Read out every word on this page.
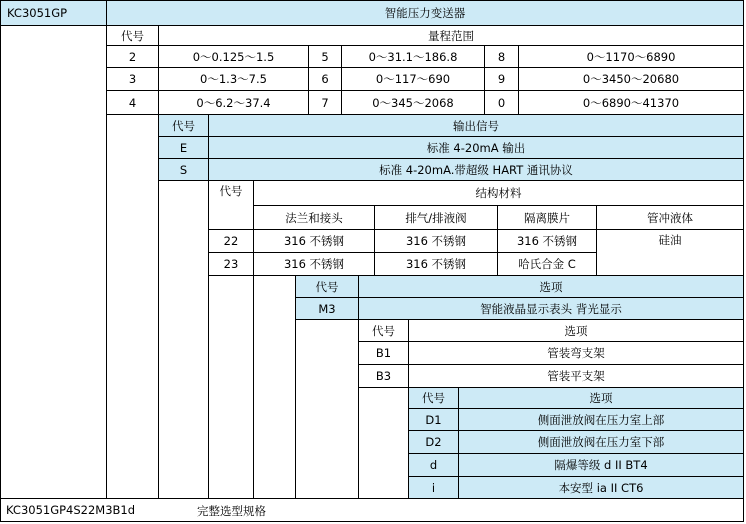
KC3051GP	智能压力变送器
代号	量程范围
2	0～0.125～1.5	5	0～31.1～186.8	8	0～1170～6890
3	0～1.3～7.5	6	0～117～690	9	0～3450～20680
4	0～6.2～37.4	7	0～345～2068	0	0～6890～41370
代号	输出信号
E	标准 4-20mA 输出
S	标准 4-20mA.带超级 HART 通讯协议
代号	结构材料
法兰和接头	排气/排液阀	隔离膜片	管冲液体
22	316 不锈钢	316 不锈钢	316 不锈钢	硅油
23	316 不锈钢	316 不锈钢	哈氏合金 C
代号	选项
M3	智能液晶显示表头 背光显示
代号	选项
B1	管装弯支架
B3	管装平支架
代号	选项
D1	侧面泄放阀在压力室上部
D2	侧面泄放阀在压力室下部
d	隔爆等级 d II BT4
i	本安型 ia II CT6
KC3051GP4S22M3B1d	完整选型规格
